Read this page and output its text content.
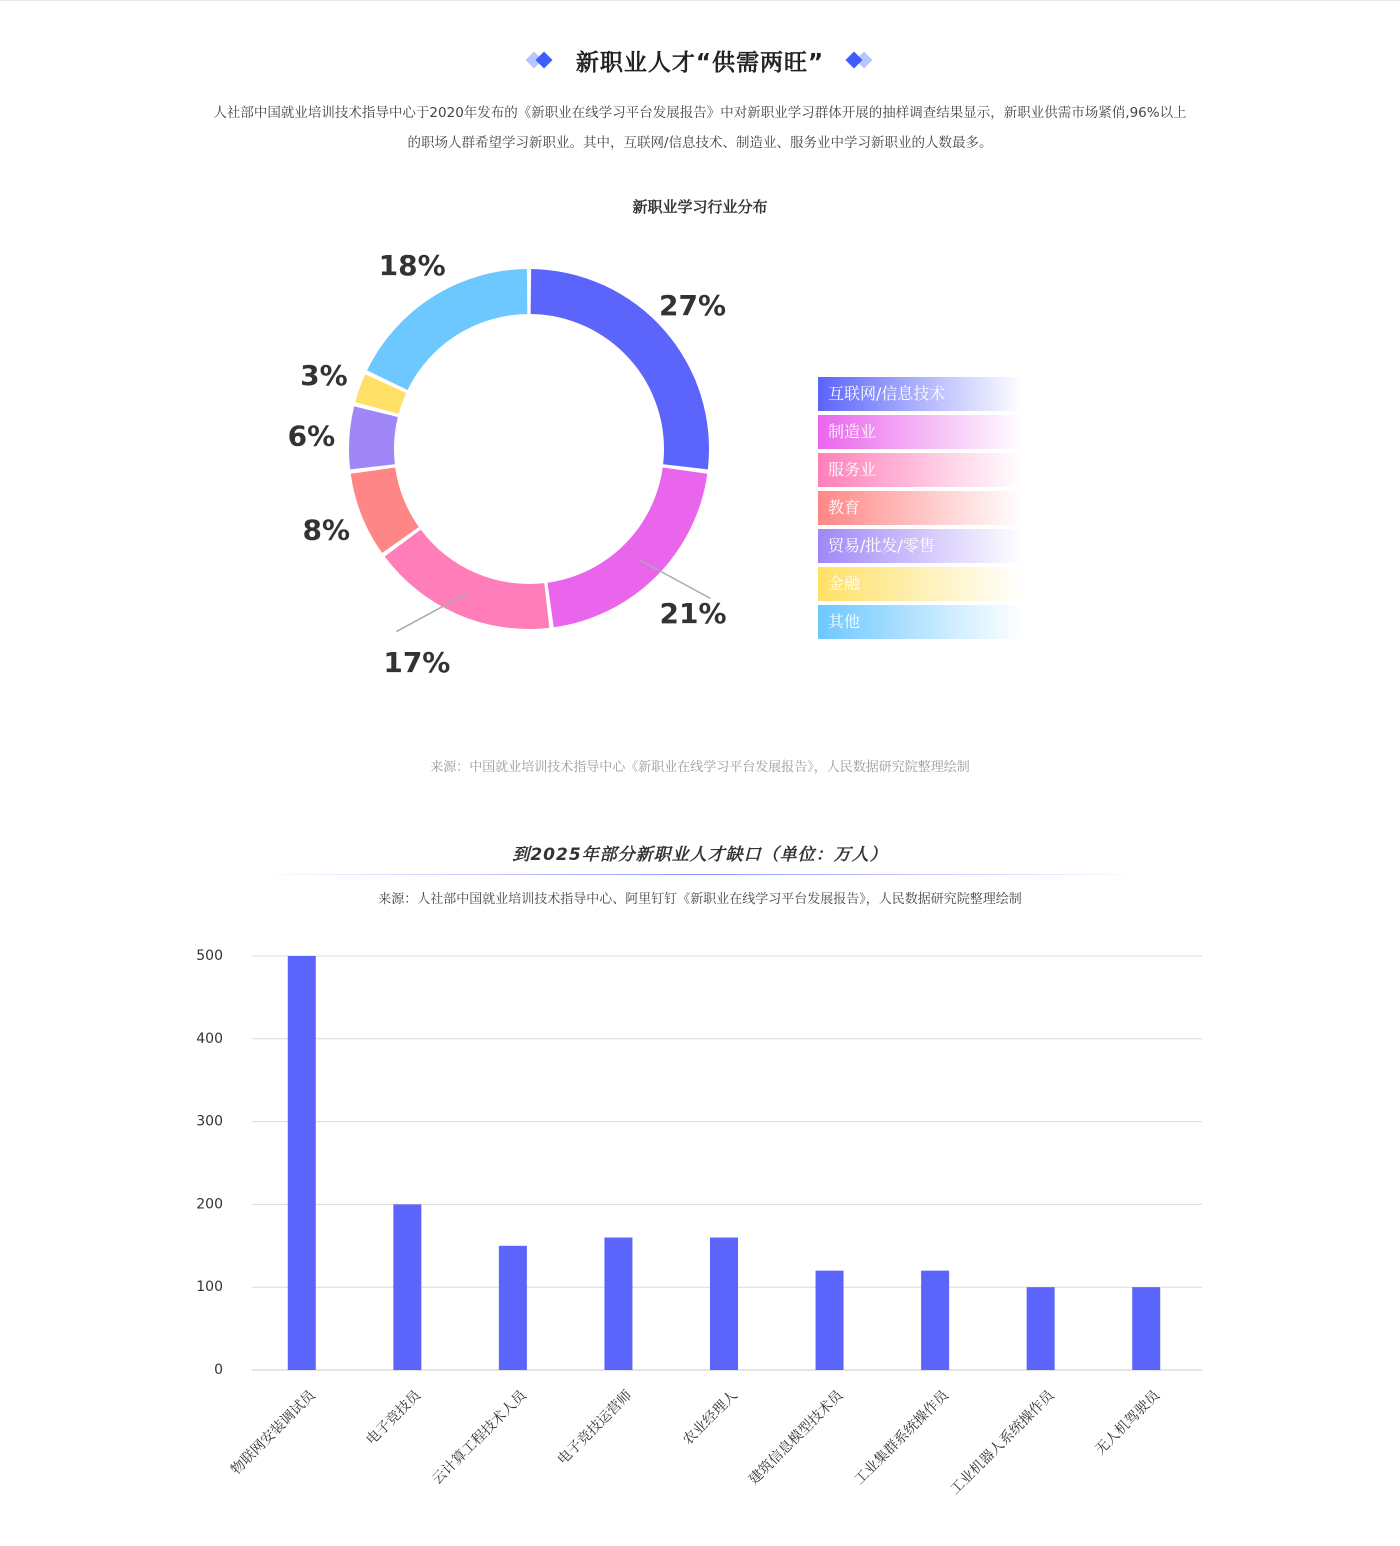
新职业人才“供需两旺”
人社部中国就业培训技术指导中心于2020年发布的《新职业在线学习平台发展报告》中对新职业学习群体开展的抽样调查结果显示，新职业供需市场紧俏,96%以上的职场人群希望学习新职业。其中，互联网/信息技术、制造业、服务业中学习新职业的人数最多。
新职业学习行业分布
27%
21%
17%
8%
6%
3%
18%
互联网/信息技术
制造业
服务业
教育
贸易/批发/零售
金融
其他
来源：中国就业培训技术指导中心《新职业在线学习平台发展报告》，人民数据研究院整理绘制
到2025年部分新职业人才缺口（单位：万人）
来源：人社部中国就业培训技术指导中心、阿里钉钉《新职业在线学习平台发展报告》，人民数据研究院整理绘制
0
100
200
300
400
500
物联网安装调试员	电子竞技员 云计算工程技术人员 电子竞技运营师	农业经理人 建筑信息模型技术员 工业集群系统操作员
工业机器人系统操作员 无人机驾驶员
